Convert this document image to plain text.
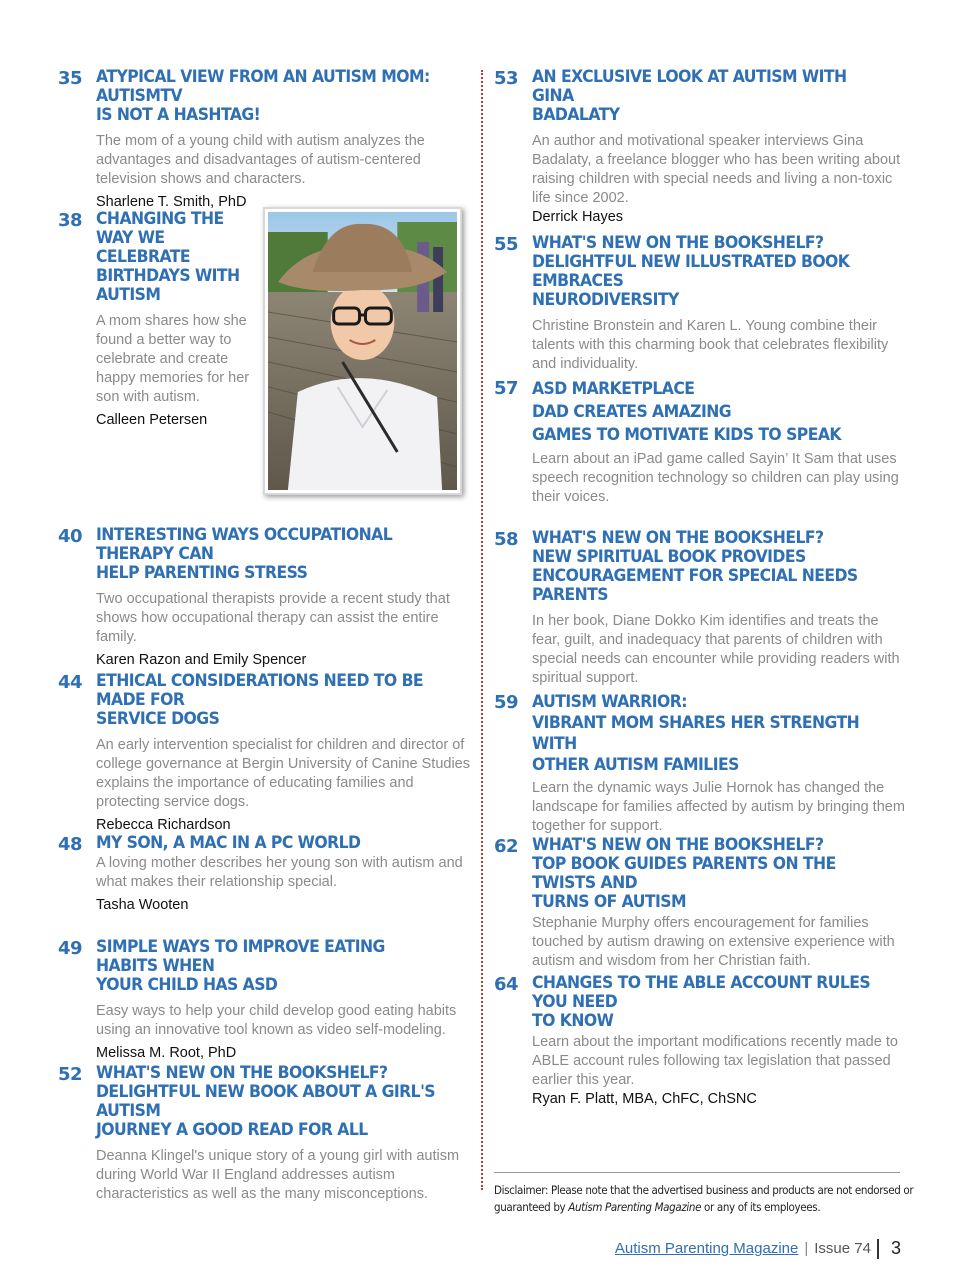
35 ATYPICAL VIEW FROM AN AUTISM MOM: AUTISMTV
IS NOT A HASHTAG!
The mom of a young child with autism analyzes the advantages and disadvantages of autism-centered television shows and characters.
Sharlene T. Smith, PhD
38 CHANGING THE
WAY WE CELEBRATE
BIRTHDAYS WITH
AUTISM
A mom shares how she found a better way to celebrate and create happy memories for her son with autism.
Calleen Petersen
40 INTERESTING WAYS OCCUPATIONAL THERAPY CAN
HELP PARENTING STRESS
Two occupational therapists provide a recent study that shows how occupational therapy can assist the entire family.
Karen Razon and Emily Spencer
44 ETHICAL CONSIDERATIONS NEED TO BE MADE FOR
SERVICE DOGS
An early intervention specialist for children and director of college governance at Bergin University of Canine Studies explains the importance of educating families and protecting service dogs.
Rebecca Richardson
48 MY SON, A MAC IN A PC WORLD
A loving mother describes her young son with autism and what makes their relationship special.
Tasha Wooten
49 SIMPLE WAYS TO IMPROVE EATING HABITS WHEN
YOUR CHILD HAS ASD
Easy ways to help your child develop good eating habits using an innovative tool known as video self-modeling.
Melissa M. Root, PhD
52 WHAT'S NEW ON THE BOOKSHELF?
DELIGHTFUL NEW BOOK ABOUT A GIRL'S AUTISM
JOURNEY A GOOD READ FOR ALL
Deanna Klingel's unique story of a young girl with autism during World War II England addresses autism characteristics as well as the many misconceptions.
53 AN EXCLUSIVE LOOK AT AUTISM WITH GINA
BADALATY
An author and motivational speaker interviews Gina Badalaty, a freelance blogger who has been writing about raising children with special needs and living a non-toxic life since 2002.
Derrick Hayes
55 WHAT'S NEW ON THE BOOKSHELF?
DELIGHTFUL NEW ILLUSTRATED BOOK EMBRACES
NEURODIVERSITY
Christine Bronstein and Karen L. Young combine their talents with this charming book that celebrates flexibility and individuality.
57 ASD MARKETPLACE
DAD CREATES AMAZING
GAMES TO MOTIVATE KIDS TO SPEAK
Learn about an iPad game called Sayin’ It Sam that uses speech recognition technology so children can play using their voices.
58 WHAT'S NEW ON THE BOOKSHELF?
NEW SPIRITUAL BOOK PROVIDES
ENCOURAGEMENT FOR SPECIAL NEEDS PARENTS
In her book, Diane Dokko Kim identifies and treats the fear, guilt, and inadequacy that parents of children with special needs can encounter while providing readers with spiritual support.
59 AUTISM WARRIOR:
VIBRANT MOM SHARES HER STRENGTH WITH
OTHER AUTISM FAMILIES
Learn the dynamic ways Julie Hornok has changed the landscape for families affected by autism by bringing them together for support.
62 WHAT'S NEW ON THE BOOKSHELF?
TOP BOOK GUIDES PARENTS ON THE TWISTS AND
TURNS OF AUTISM
Stephanie Murphy offers encouragement for families touched by autism drawing on extensive experience with autism and wisdom from her Christian faith.
64 CHANGES TO THE ABLE ACCOUNT RULES YOU NEED
TO KNOW
Learn about the important modifications recently made to ABLE account rules following tax legislation that passed earlier this year.
Ryan F. Platt, MBA, ChFC, ChSNC
Disclaimer: Please note that the advertised business and products are not endorsed or
guaranteed by Autism Parenting Magazine or any of its employees.
Autism Parenting Magazine | Issue 74 3
